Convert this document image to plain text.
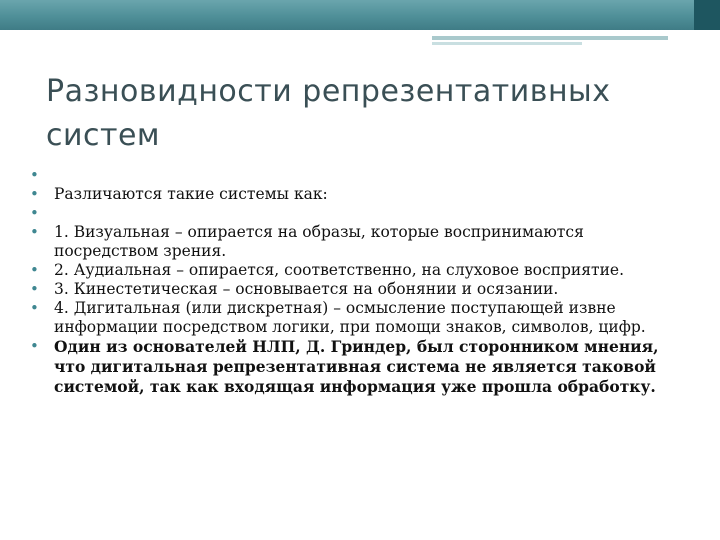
Разновидности репрезентативных систем
•
• Различаются такие системы как:
•
• 1. Визуальная – опирается на образы, которые воспринимаются посредством зрения.
• 2. Аудиальная – опирается, соответственно, на слуховое восприятие.
• 3. Кинестетическая – основывается на обонянии и осязании.
• 4. Дигитальная (или дискретная) – осмысление поступающей извне информации посредством логики, при помощи знаков, символов, цифр.
• Один из основателей НЛП, Д. Гриндер, был сторонником мнения, что дигитальная репрезентативная система не является таковой системой, так как входящая информация уже прошла обработку.
